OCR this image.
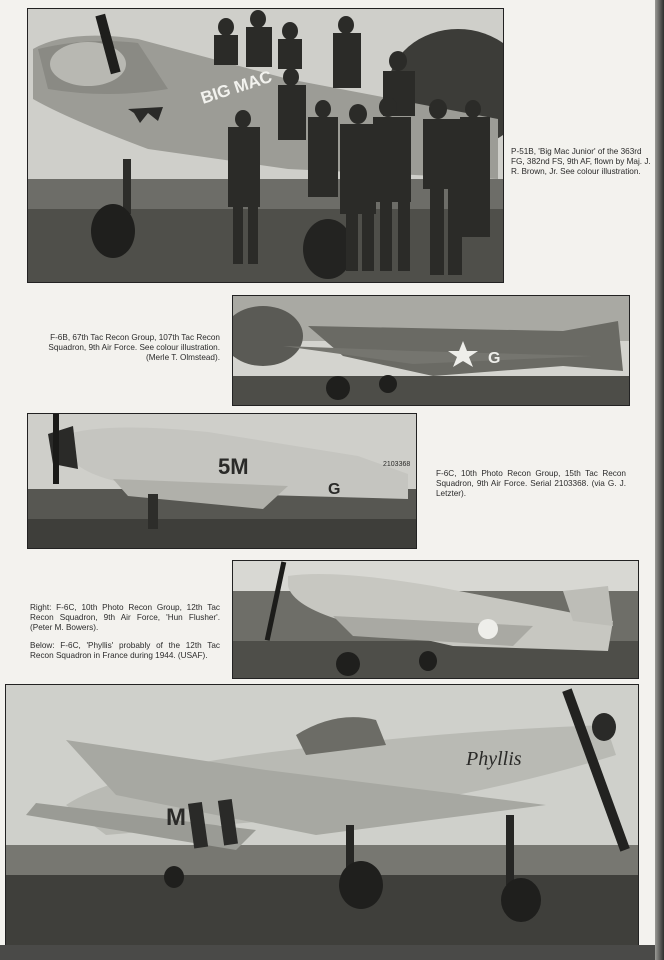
BIG MAC
P-51B, 'Big Mac Junior' of the 363rd FG, 382nd FS, 9th AF, flown by Maj. J. R. Brown, Jr. See colour illustration.
F-6B, 67th Tac Recon Group, 107th Tac Recon Squadron, 9th Air Force. See colour illustration. (Merle T. Olmstead).	G
5M
G
2103368
F-6C, 10th Photo Recon Group, 15th Tac Recon Squadron, 9th Air Force. Serial 2103368. (via G. J. Letzter).

Right: F-6C, 10th Photo Recon Group, 12th Tac Recon Squadron, 9th Air Force, 'Hun Flusher'. (Peter M. Bowers).

Below: F-6C, 'Phyllis' probably of the 12th Tac Recon Squadron in France during 1944. (USAF).

Phyllis
M
